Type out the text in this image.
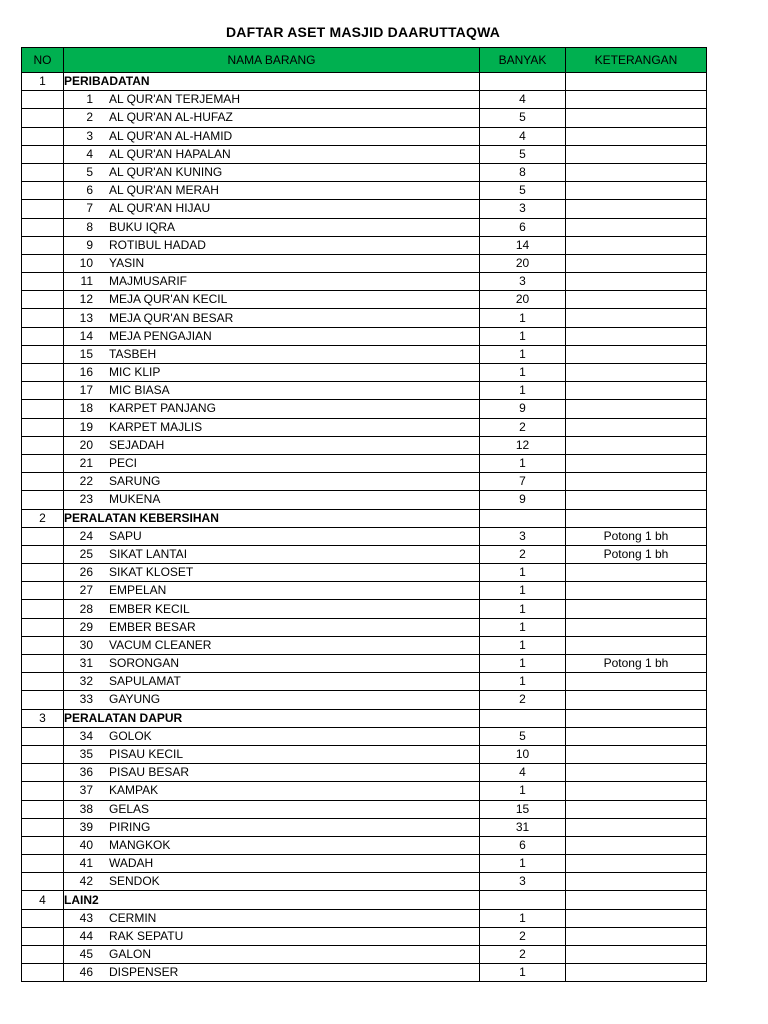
DAFTAR ASET MASJID DAARUTTAQWA
NO	NAMA BARANG	BANYAK	KETERANGAN
1	PERIBADATAN		
	1 AL QUR'AN TERJEMAH	4	
	2 AL QUR'AN AL-HUFAZ	5	
	3 AL QUR'AN AL-HAMID	4	
	4 AL QUR'AN HAPALAN	5	
	5 AL QUR'AN KUNING	8	
	6 AL QUR'AN MERAH	5	
	7 AL QUR'AN HIJAU	3	
	8 BUKU IQRA	6	
	9 ROTIBUL HADAD	14	
	10 YASIN	20	
	11 MAJMUSARIF	3	
	12 MEJA QUR'AN KECIL	20	
	13 MEJA QUR'AN BESAR	1	
	14 MEJA PENGAJIAN	1	
	15 TASBEH	1	
	16 MIC KLIP	1	
	17 MIC BIASA	1	
	18 KARPET PANJANG	9	
	19 KARPET MAJLIS	2	
	20 SEJADAH	12	
	21 PECI	1	
	22 SARUNG	7	
	23 MUKENA	9	
2	PERALATAN KEBERSIHAN		
	24 SAPU	3	Potong 1 bh
	25 SIKAT LANTAI	2	Potong 1 bh
	26 SIKAT KLOSET	1	
	27 EMPELAN	1	
	28 EMBER KECIL	1	
	29 EMBER BESAR	1	
	30 VACUM CLEANER	1	
	31 SORONGAN	1	Potong 1 bh
	32 SAPULAMAT	1	
	33 GAYUNG	2	
3	PERALATAN DAPUR		
	34 GOLOK	5	
	35 PISAU KECIL	10	
	36 PISAU BESAR	4	
	37 KAMPAK	1	
	38 GELAS	15	
	39 PIRING	31	
	40 MANGKOK	6	
	41 WADAH	1	
	42 SENDOK	3	
4	LAIN2		
	43 CERMIN	1	
	44 RAK SEPATU	2	
	45 GALON	2	
	46 DISPENSER	1	
